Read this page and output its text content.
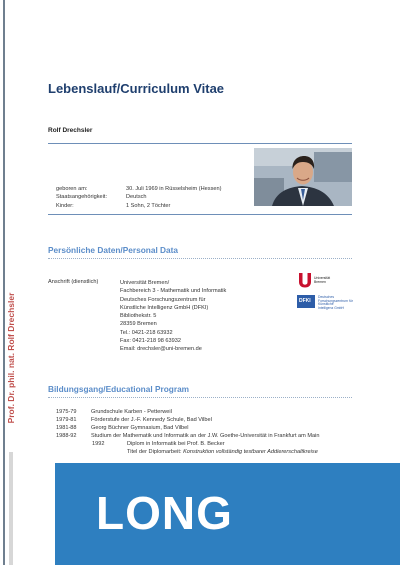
Prof. Dr. phil. nat. Rolf Drechsler
Lebenslauf/Curriculum Vitae
Rolf Drechsler
geboren am:	30. Juli 1969 in Rüsselsheim (Hessen)
Staatsangehörigkeit:	Deutsch
Kinder:	1 Sohn, 2 Töchter
Persönliche Daten/Personal Data
Anschrift (dienstlich)	Universität Bremen/
Fachbereich 3 - Mathematik und Informatik
Deutsches Forschungszentrum für
Künstliche Intelligenz GmbH (DFKI)
Bibliothekstr. 5
28359 Bremen
Tel.: 0421-218 63932
Fax: 0421-218 98 63932
Email: drechsler@uni-bremen.de
Universität
Bremen
DFKI
Deutsches
Forschungszentrum für
Künstliche
Intelligenz GmbH
Bildungsgang/Educational Program
1975-79	Grundschule Karben - Petterweil
1979-81	Förderstufe der J.-F. Kennedy Schule, Bad Vilbel
1981-88	Georg Büchner Gymnasium, Bad Vilbel
1988-92	Studium der Mathematik und Informatik an der J.W. Goethe-Universität in Frankfurt am Main
1992	Diplom in Informatik bei Prof. B. Becker
Titel der Diplomarbeit: Konstruktion vollständig testbarer Addiererschaltkreise
LONG
